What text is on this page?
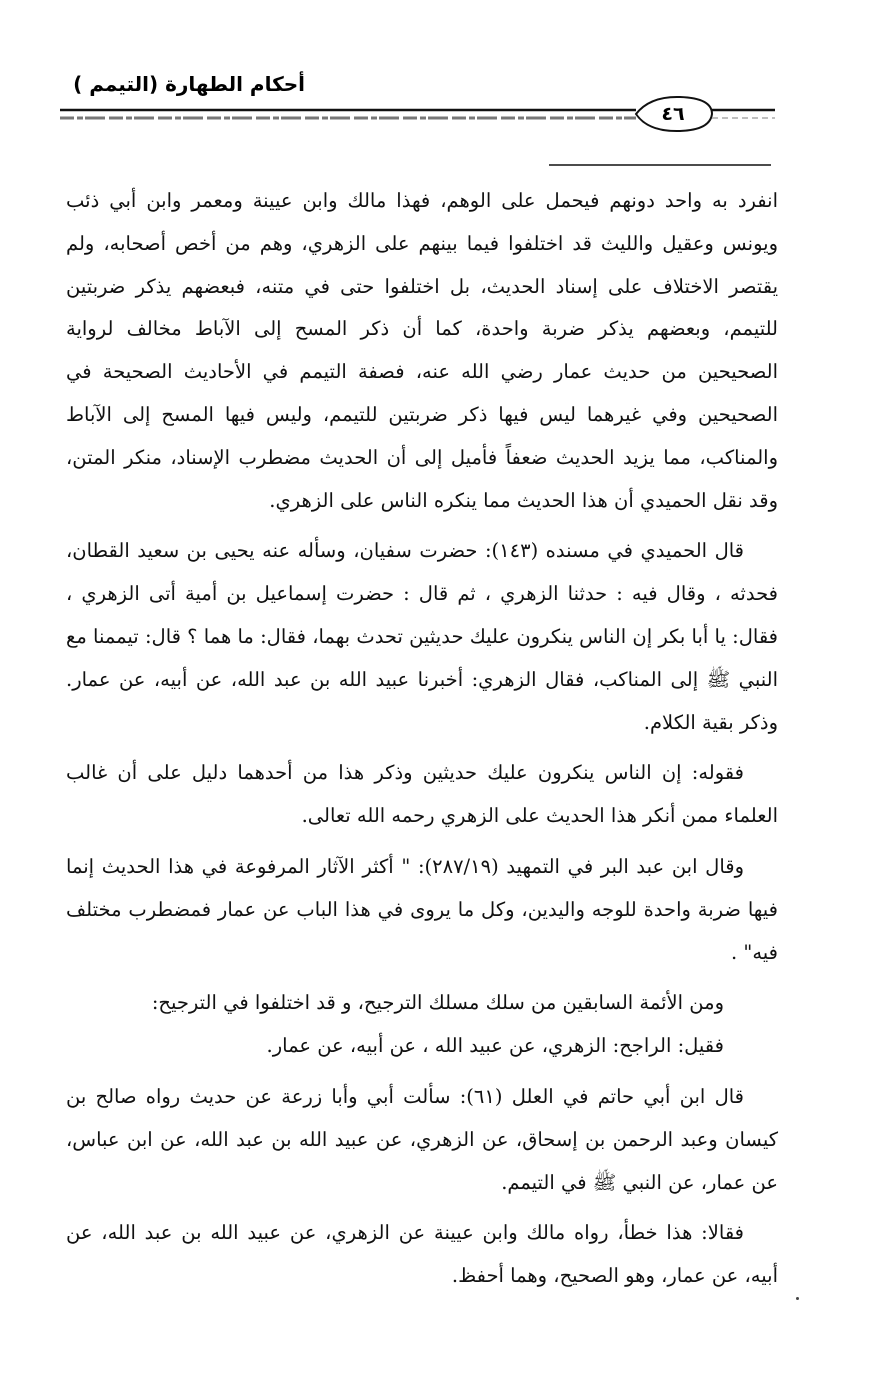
أحكام الطهارة (التيمم )
٤٦

انفرد به واحد دونهم فيحمل على الوهم، فهذا مالك وابن عيينة ومعمر وابن أبي ذئب ويونس وعقيل والليث قد اختلفوا فيما بينهم على الزهري، وهم من أخص أصحابه، ولم يقتصر الاختلاف على إسناد الحديث، بل اختلفوا حتى في متنه، فبعضهم يذكر ضربتين للتيمم، وبعضهم يذكر ضربة واحدة، كما أن ذكر المسح إلى الآباط مخالف لرواية الصحيحين من حديث عمار رضي الله عنه، فصفة التيمم في الأحاديث الصحيحة في الصحيحين وفي غيرهما ليس فيها ذكر ضربتين للتيمم، وليس فيها المسح إلى الآباط والمناكب، مما يزيد الحديث ضعفاً فأميل إلى أن الحديث مضطرب الإسناد، منكر المتن، وقد نقل الحميدي أن هذا الحديث مما ينكره الناس على الزهري.

قال الحميدي في مسنده (١٤٣): حضرت سفيان، وسأله عنه يحيى بن سعيد القطان، فحدثه ، وقال فيه : حدثنا الزهري ، ثم قال : حضرت إسماعيل بن أمية أتى الزهري ، فقال: يا أبا بكر إن الناس ينكرون عليك حديثين تحدث بهما، فقال: ما هما ؟ قال: تيممنا مع النبي ﷺ إلى المناكب، فقال الزهري: أخبرنا عبيد الله بن عبد الله، عن أبيه، عن عمار. وذكر بقية الكلام.

فقوله: إن الناس ينكرون عليك حديثين وذكر هذا من أحدهما دليل على أن غالب العلماء ممن أنكر هذا الحديث على الزهري رحمه الله تعالى.

وقال ابن عبد البر في التمهيد (٢٨٧/١٩): " أكثر الآثار المرفوعة في هذا الحديث إنما فيها ضربة واحدة للوجه واليدين، وكل ما يروى في هذا الباب عن عمار فمضطرب مختلف فيه" .

ومن الأئمة السابقين من سلك مسلك الترجيح، و قد اختلفوا في الترجيح:

فقيل: الراجح: الزهري، عن عبيد الله ، عن أبيه، عن عمار.

قال ابن أبي حاتم في العلل (٦١): سألت أبي وأبا زرعة عن حديث رواه صالح بن كيسان وعبد الرحمن بن إسحاق، عن الزهري، عن عبيد الله بن عبد الله، عن ابن عباس، عن عمار، عن النبي ﷺ في التيمم.

فقالا: هذا خطأ، رواه مالك وابن عيينة عن الزهري، عن عبيد الله بن عبد الله، عن أبيه، عن عمار، وهو الصحيح، وهما أحفظ.
